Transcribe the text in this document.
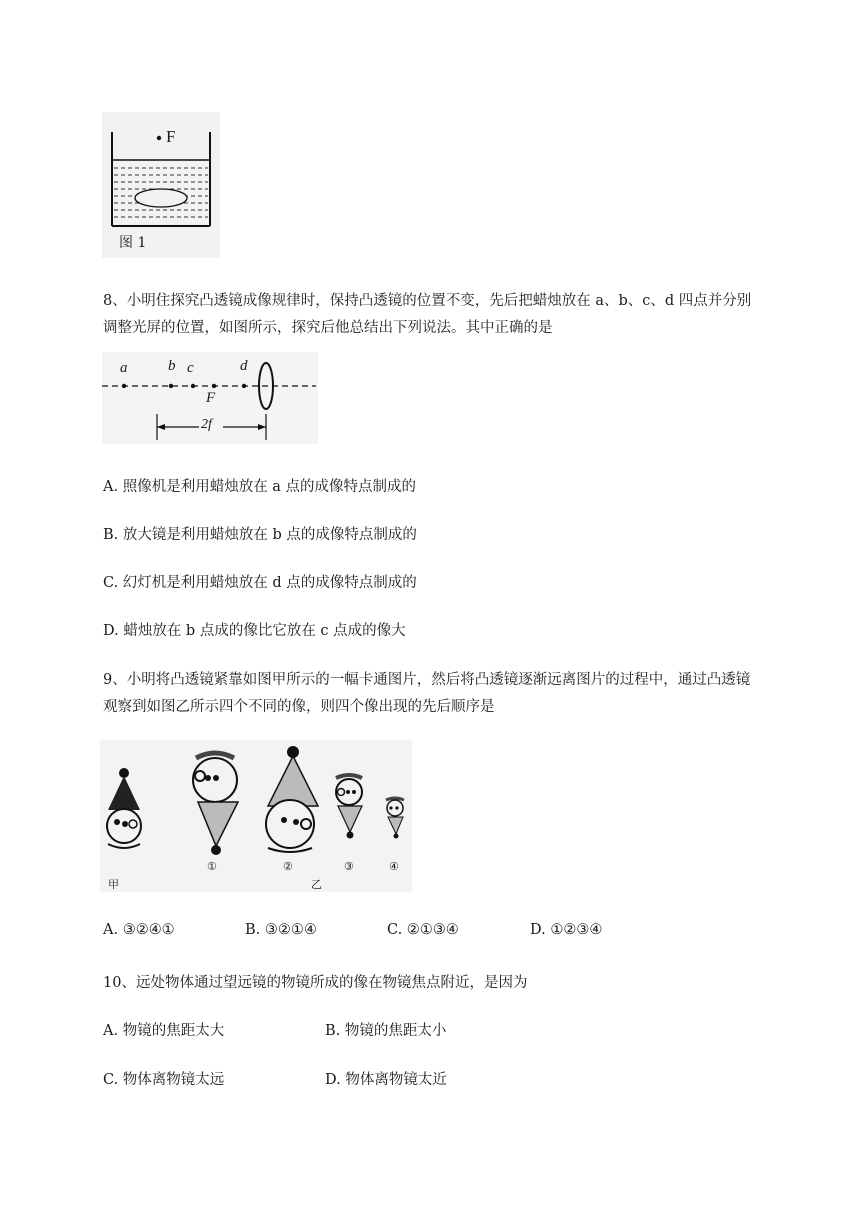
F
图 1
8、小明住探究凸透镜成像规律时，保持凸透镜的位置不变，先后把蜡烛放在 a、b、c、d 四点并分别
调整光屏的位置，如图所示，探究后他总结出下列说法。其中正确的是
a	b c	d
F
2f
A. 照像机是利用蜡烛放在 a 点的成像特点制成的
B. 放大镜是利用蜡烛放在 b 点的成像特点制成的
C. 幻灯机是利用蜡烛放在 d 点的成像特点制成的
D. 蜡烛放在 b 点成的像比它放在 c 点成的像大
9、小明将凸透镜紧靠如图甲所示的一幅卡通图片，然后将凸透镜逐渐远离图片的过程中，通过凸透镜
观察到如图乙所示四个不同的像，则四个像出现的先后顺序是
甲	乙
①	②	③	④
A. ③②④①	B. ③②①④	C. ②①③④	D. ①②③④
10、远处物体通过望远镜的物镜所成的像在物镜焦点附近，是因为
A. 物镜的焦距太大	B. 物镜的焦距太小
C. 物体离物镜太远	D. 物体离物镜太近
